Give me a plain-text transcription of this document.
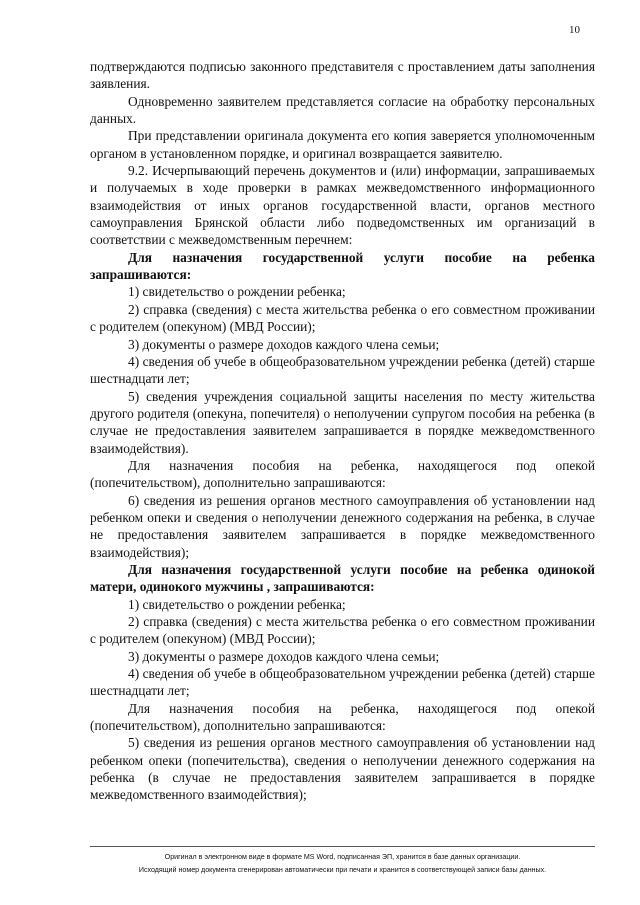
10

подтверждаются подписью законного представителя с проставлением даты заполнения заявления.

Одновременно заявителем представляется согласие на обработку персональных данных.

При представлении оригинала документа его копия заверяется уполномоченным органом в установленном порядке, и оригинал возвращается заявителю.

9.2. Исчерпывающий перечень документов и (или) информации, запрашиваемых и получаемых в ходе проверки в рамках межведомственного информационного взаимодействия от иных органов государственной власти, органов местного самоуправления Брянской области либо подведомственных им организаций в соответствии с межведомственным перечнем:

Для назначения государственной услуги пособие на ребенка запрашиваются:

1) свидетельство о рождении ребенка;

2) справка (сведения) с места жительства ребенка о его совместном проживании с родителем (опекуном) (МВД России);

3) документы о размере доходов каждого члена семьи;

4) сведения об учебе в общеобразовательном учреждении ребенка (детей) старше шестнадцати лет;

5) сведения учреждения социальной защиты населения по месту жительства другого родителя (опекуна, попечителя) о неполучении супругом пособия на ребенка (в случае не предоставления заявителем запрашивается в порядке межведомственного взаимодействия).

Для назначения пособия на ребенка, находящегося под опекой (попечительством), дополнительно запрашиваются:

6) сведения из решения органов местного самоуправления об установлении над ребенком опеки и сведения о неполучении денежного содержания на ребенка, в случае не предоставления заявителем запрашивается в порядке межведомственного взаимодействия);

Для назначения государственной услуги пособие на ребенка одинокой матери, одинокого мужчины , запрашиваются:

1) свидетельство о рождении ребенка;

2) справка (сведения) с места жительства ребенка о его совместном проживании с родителем (опекуном) (МВД России);

3) документы о размере доходов каждого члена семьи;

4) сведения об учебе в общеобразовательном учреждении ребенка (детей) старше шестнадцати лет;

Для назначения пособия на ребенка, находящегося под опекой (попечительством), дополнительно запрашиваются:

5) сведения из решения органов местного самоуправления об установлении над ребенком опеки (попечительства), сведения о неполучении денежного содержания на ребенка (в случае не предоставления заявителем запрашивается в порядке межведомственного взаимодействия);

Оригинал в электронном виде в формате MS Word, подписанная ЭП, хранится в базе данных организации.
Исходящий номер документа сгенерирован автоматически при печати и хранится в соответствующей записи базы данных.
